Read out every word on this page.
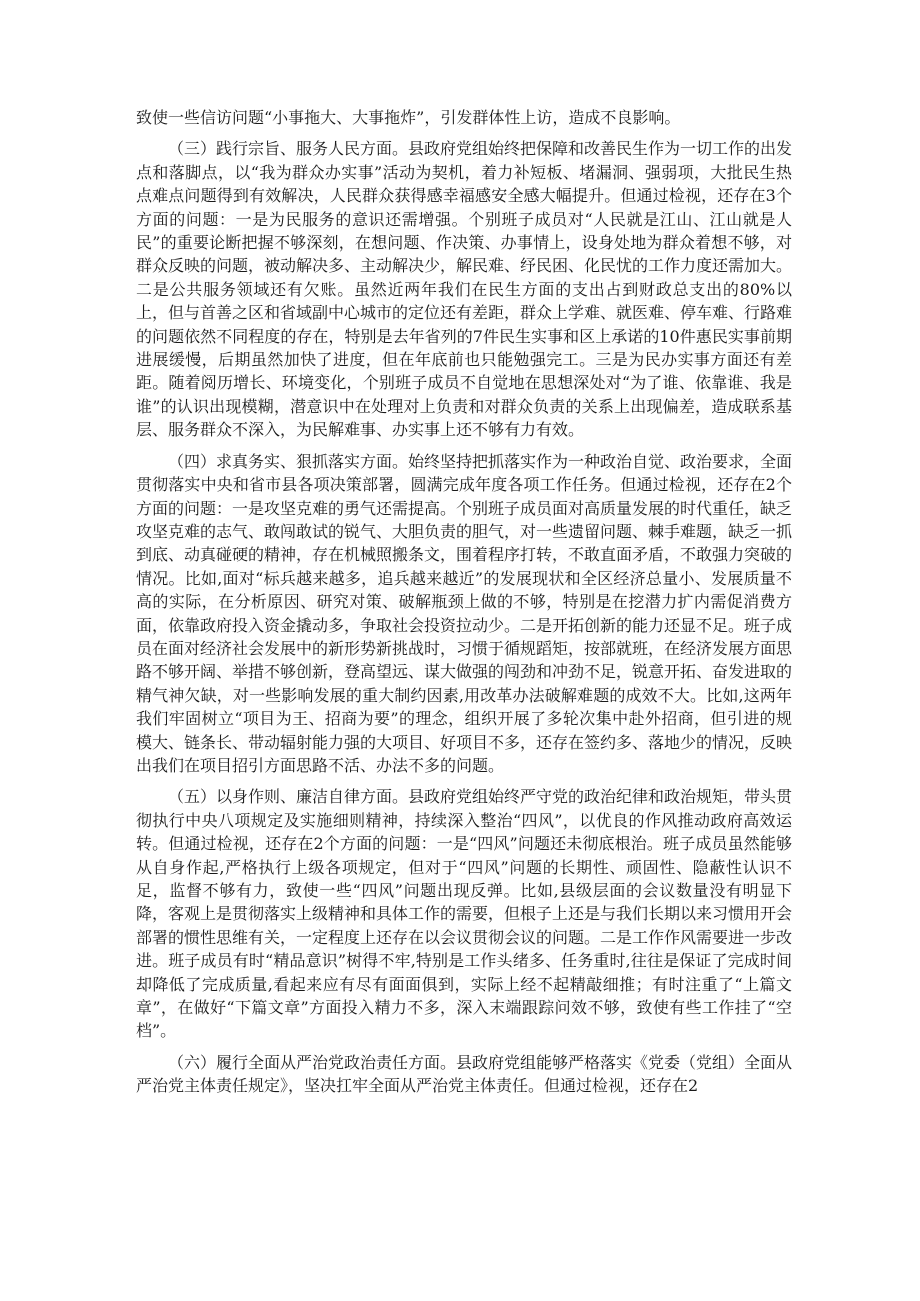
致使一些信访问题“小事拖大、大事拖炸”，引发群体性上访，造成不良影响。

（三）践行宗旨、服务人民方面。县政府党组始终把保障和改善民生作为一切工作的出发点和落脚点，以“我为群众办实事”活动为契机，着力补短板、堵漏洞、强弱项，大批民生热点难点问题得到有效解决，人民群众获得感幸福感安全感大幅提升。但通过检视，还存在3个方面的问题：一是为民服务的意识还需增强。个别班子成员对“人民就是江山、江山就是人民”的重要论断把握不够深刻，在想问题、作决策、办事情上，设身处地为群众着想不够，对群众反映的问题，被动解决多、主动解决少，解民难、纾民困、化民忧的工作力度还需加大。二是公共服务领域还有欠账。虽然近两年我们在民生方面的支出占到财政总支出的80%以上，但与首善之区和省域副中心城市的定位还有差距，群众上学难、就医难、停车难、行路难的问题依然不同程度的存在，特别是去年省列的7件民生实事和区上承诺的10件惠民实事前期进展缓慢，后期虽然加快了进度，但在年底前也只能勉强完工。三是为民办实事方面还有差距。随着阅历增长、环境变化，个别班子成员不自觉地在思想深处对“为了谁、依靠谁、我是谁”的认识出现模糊，潜意识中在处理对上负责和对群众负责的关系上出现偏差，造成联系基层、服务群众不深入，为民解难事、办实事上还不够有力有效。

（四）求真务实、狠抓落实方面。始终坚持把抓落实作为一种政治自觉、政治要求，全面贯彻落实中央和省市县各项决策部署，圆满完成年度各项工作任务。但通过检视，还存在2个方面的问题：一是攻坚克难的勇气还需提高。个别班子成员面对高质量发展的时代重任，缺乏攻坚克难的志气、敢闯敢试的锐气、大胆负责的胆气，对一些遗留问题、棘手难题，缺乏一抓到底、动真碰硬的精神，存在机械照搬条文，围着程序打转，不敢直面矛盾，不敢强力突破的情况。比如,面对“标兵越来越多，追兵越来越近”的发展现状和全区经济总量小、发展质量不高的实际，在分析原因、研究对策、破解瓶颈上做的不够，特别是在挖潜力扩内需促消费方面，依靠政府投入资金撬动多，争取社会投资拉动少。二是开拓创新的能力还显不足。班子成员在面对经济社会发展中的新形势新挑战时，习惯于循规蹈矩，按部就班，在经济发展方面思路不够开阔、举措不够创新，登高望远、谋大做强的闯劲和冲劲不足，锐意开拓、奋发进取的精气神欠缺，对一些影响发展的重大制约因素,用改革办法破解难题的成效不大。比如,这两年我们牢固树立“项目为王、招商为要”的理念，组织开展了多轮次集中赴外招商，但引进的规模大、链条长、带动辐射能力强的大项目、好项目不多，还存在签约多、落地少的情况，反映出我们在项目招引方面思路不活、办法不多的问题。

（五）以身作则、廉洁自律方面。县政府党组始终严守党的政治纪律和政治规矩，带头贯彻执行中央八项规定及实施细则精神，持续深入整治“四风”，以优良的作风推动政府高效运转。但通过检视，还存在2个方面的问题：一是“四风”问题还未彻底根治。班子成员虽然能够从自身作起,严格执行上级各项规定，但对于“四风”问题的长期性、顽固性、隐蔽性认识不足，监督不够有力，致使一些“四风”问题出现反弹。比如,县级层面的会议数量没有明显下降，客观上是贯彻落实上级精神和具体工作的需要，但根子上还是与我们长期以来习惯用开会部署的惯性思维有关，一定程度上还存在以会议贯彻会议的问题。二是工作作风需要进一步改进。班子成员有时“精品意识”树得不牢,特别是工作头绪多、任务重时,往往是保证了完成时间却降低了完成质量,看起来应有尽有面面俱到，实际上经不起精敲细推；有时注重了“上篇文章”，在做好“下篇文章”方面投入精力不多，深入末端跟踪问效不够，致使有些工作挂了“空档”。

（六）履行全面从严治党政治责任方面。县政府党组能够严格落实《党委（党组）全面从严治党主体责任规定》，坚决扛牢全面从严治党主体责任。但通过检视，还存在2
